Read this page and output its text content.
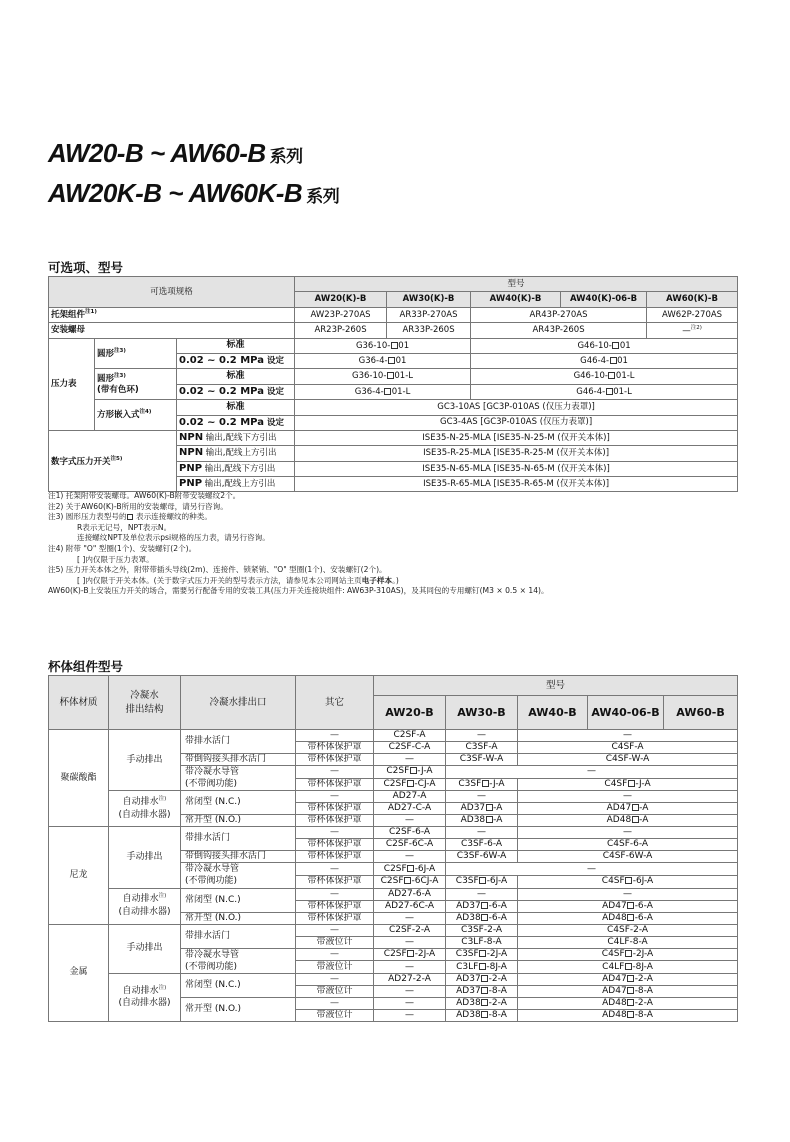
AW20-B ~ AW60-B 系列
AW20K-B ~ AW60K-B 系列
可选项、型号
可选项规格			型号				
			AW20(K)-B	AW30(K)-B	AW40(K)-B	AW40(K)-06-B	AW60(K)-B
托架组件$^{注1)}$			AW23P-270AS	AR33P-270AS	AR43P-270AS		AW62P-270AS
安装螺母			AR23P-260S	AR33P-260S	AR43P-260S		—$^{注2)}$
压力表	圆形$^{注3)}$	标准	G36-10- 01		G46-10- 01		
		0.02 ~ 0.2 MPa 设定	G36-4- 01		G46-4- 01		
	圆形$^{注3)}$
(带有色环)	标准	G36-10- 01-L		G46-10- 01-L		
		0.02 ~ 0.2 MPa 设定	G36-4- 01-L		G46-4- 01-L		
	方形嵌入式$^{注4)}$	标准	GC3-10AS [GC3P-010AS (仅压力表罩)]				
		0.02 ~ 0.2 MPa 设定	GC3-4AS [GC3P-010AS (仅压力表罩)]				
数字式压力开关$^{注5)}$		NPN 输出,配线下方引出	ISE35-N-25-MLA [ISE35-N-25-M (仅开关本体)]				
		NPN 输出,配线上方引出	ISE35-R-25-MLA [ISE35-R-25-M (仅开关本体)]				
		PNP 输出,配线下方引出	ISE35-N-65-MLA [ISE35-N-65-M (仅开关本体)]				
		PNP 输出,配线上方引出	ISE35-R-65-MLA [ISE35-R-65-M (仅开关本体)]				
注1) 托架附带安装螺母。AW60(K)-B附带安装螺纹2个。
注2) 关于AW60(K)-B所用的安装螺母，请另行咨询。
注3) 圆形压力表型号的 表示连接螺纹的种类。
R表示无记号，NPT表示N。
连接螺纹NPT及单位表示psi规格的压力表，请另行咨询。
注4) 附带 "O" 型圈(1个)、安装螺钉(2个)。
[ ]内仅限于压力表罩。
注5) 压力开关本体之外，附带带插头导线(2m)、连接件、锁紧销、"O" 型圈(1个)、安装螺钉(2个)。
[ ]内仅限于开关本体。(关于数字式压力开关的型号表示方法，请参见本公司网站主页电子样本。)
AW60(K)-B上安装压力开关的场合，需要另行配备专用的安装工具(压力开关连接块组件: AW63P-310AS)，及其同包的专用螺钉(M3 × 0.5 × 14)。
杯体组件型号
杯体材质	冷凝水
排出结构	冷凝水排出口	其它	型号				
				AW20-B	AW30-B	AW40-B	AW40-06-B	AW60-B
聚碳酸酯	手动排出	带排水活门	—	C2SF-A	—	—		
			带杯体保护罩	C2SF-C-A	C3SF-A	C4SF-A		
		带倒钩接头排水活门	带杯体保护罩	—	C3SF-W-A	C4SF-W-A		
		带冷凝水导管
(不带阀功能)	—	C2SF -J-A	—			
			带杯体保护罩	C2SF -CJ-A	C3SF -J-A	C4SF -J-A		
	自动排水$^{注)}$
(自动排水器)	常闭型 (N.C.)	—	AD27-A	—	—		
			带杯体保护罩	AD27-C-A	AD37 -A	AD47 -A		
		常开型 (N.O.)	带杯体保护罩	—	AD38 -A	AD48 -A		
尼龙	手动排出	带排水活门	—	C2SF-6-A	—	—		
			带杯体保护罩	C2SF-6C-A	C3SF-6-A	C4SF-6-A		
		带倒钩接头排水活门	带杯体保护罩	—	C3SF-6W-A	C4SF-6W-A		
		带冷凝水导管
(不带阀功能)	—	C2SF -6J-A	—			
			带杯体保护罩	C2SF -6CJ-A	C3SF -6J-A	C4SF -6J-A		
	自动排水$^{注)}$
(自动排水器)	常闭型 (N.C.)	—	AD27-6-A	—	—		
			带杯体保护罩	AD27-6C-A	AD37 -6-A	AD47 -6-A		
		常开型 (N.O.)	带杯体保护罩	—	AD38 -6-A	AD48 -6-A		
金属	手动排出	带排水活门	—	C2SF-2-A	C3SF-2-A	C4SF-2-A		
			带液位计	—	C3LF-8-A	C4LF-8-A		
		带冷凝水导管
(不带阀功能)	—	C2SF -2J-A	C3SF -2J-A	C4SF -2J-A		
			带液位计	—	C3LF -8J-A	C4LF -8J-A		
	自动排水$^{注)}$
(自动排水器)	常闭型 (N.C.)	—	AD27-2-A	AD37 -2-A	AD47 -2-A		
			带液位计	—	AD37 -8-A	AD47 -8-A		
		常开型 (N.O.)	—	—	AD38 -2-A	AD48 -2-A		
			带液位计	—	AD38 -8-A	AD48 -8-A		
